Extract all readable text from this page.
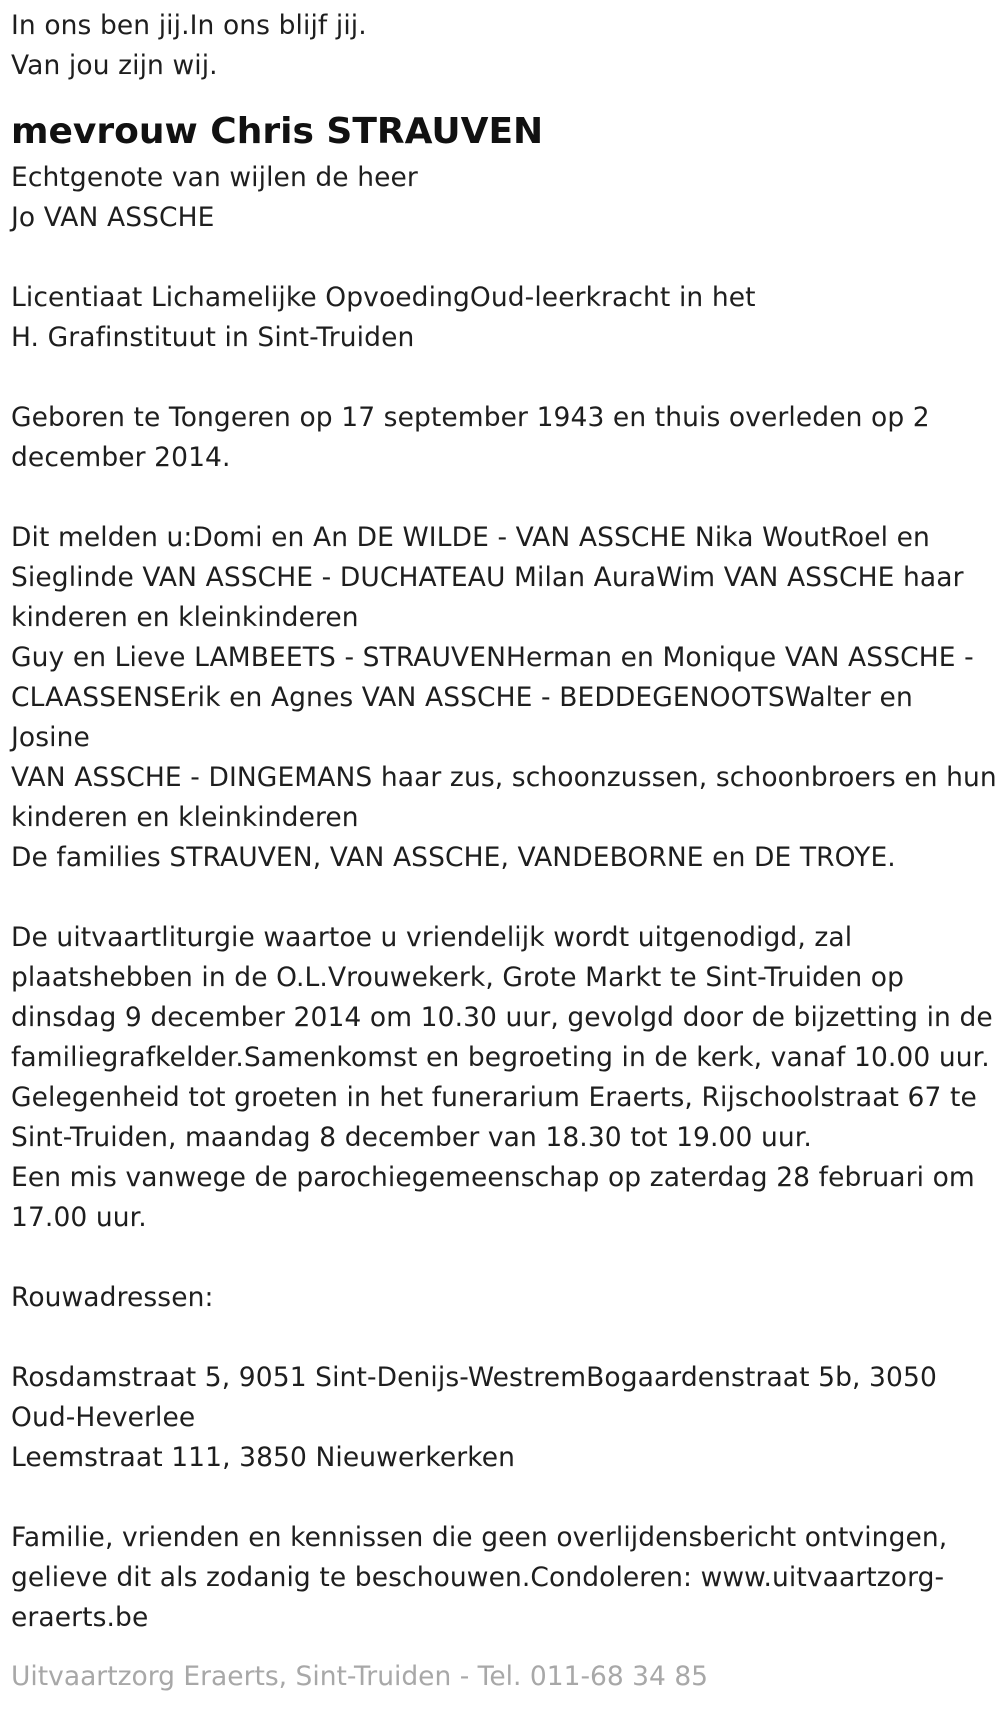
In ons ben jij.In ons blijf jij.
Van jou zijn wij.
mevrouw Chris STRAUVEN
Echtgenote van wijlen de heer
Jo VAN ASSCHE
Licentiaat Lichamelijke OpvoedingOud-leerkracht in het
H. Grafinstituut in Sint-Truiden
Geboren te Tongeren op 17 september 1943 en thuis overleden op 2
december 2014.
Dit melden u:Domi en An DE WILDE - VAN ASSCHE Nika WoutRoel en
Sieglinde VAN ASSCHE - DUCHATEAU Milan AuraWim VAN ASSCHE haar
kinderen en kleinkinderen
Guy en Lieve LAMBEETS - STRAUVENHerman en Monique VAN ASSCHE -
CLAASSENSErik en Agnes VAN ASSCHE - BEDDEGENOOTSWalter en Josine
VAN ASSCHE - DINGEMANS haar zus, schoonzussen, schoonbroers en hun
kinderen en kleinkinderen
De families STRAUVEN, VAN ASSCHE, VANDEBORNE en DE TROYE.
De uitvaartliturgie waartoe u vriendelijk wordt uitgenodigd, zal
plaatshebben in de O.L.Vrouwekerk, Grote Markt te Sint-Truiden op
dinsdag 9 december 2014 om 10.30 uur, gevolgd door de bijzetting in de
familiegrafkelder.Samenkomst en begroeting in de kerk, vanaf 10.00 uur.
Gelegenheid tot groeten in het funerarium Eraerts, Rijschoolstraat 67 te
Sint-Truiden, maandag 8 december van 18.30 tot 19.00 uur.
Een mis vanwege de parochiegemeenschap op zaterdag 28 februari om
17.00 uur.
Rouwadressen:
Rosdamstraat 5, 9051 Sint-Denijs-WestremBogaardenstraat 5b, 3050
Oud-Heverlee
Leemstraat 111, 3850 Nieuwerkerken
Familie, vrienden en kennissen die geen overlijdensbericht ontvingen,
gelieve dit als zodanig te beschouwen.Condoleren: www.uitvaartzorg-
eraerts.be
Uitvaartzorg Eraerts, Sint-Truiden - Tel. 011-68 34 85
